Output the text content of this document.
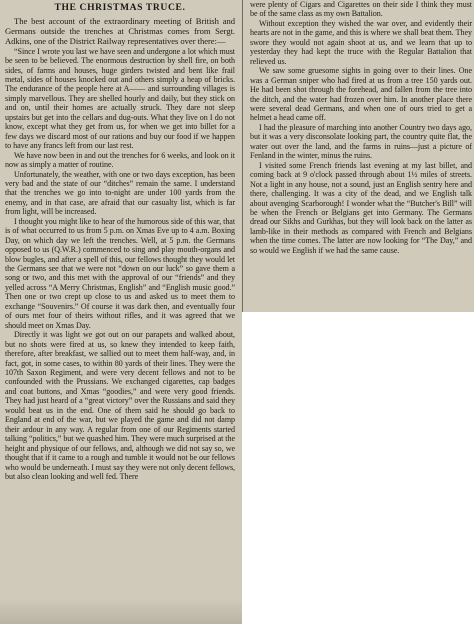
THE CHRISTMAS TRUCE.

The best account of the extraordinary meeting of British and Germans outside the trenches at Christmas comes from Sergt. Adkins, one of the District Railway representatives over there:—

“Since I wrote you last we have seen and undergone a lot which must be seen to be believed. The enormous destruction by shell fire, on both sides, of farms and houses, huge girders twisted and bent like frail metal, sides of houses knocked out and others simply a heap of bricks. The endurance of the people here at A—— and surrounding villages is simply marvellous. They are shelled hourly and daily, but they stick on and on, until their homes are actually struck. They dare not sleep upstairs but get into the cellars and dug-outs. What they live on I do not know, except what they get from us, for when we get into billet for a few days we discard most of our rations and buy our food if we happen to have any francs left from our last rest.

We have now been in and out the trenches for 6 weeks, and look on it now as simply a matter of routine.

Unfortunately, the weather, with one or two days exception, has been very bad and the state of our “ditches” remain the same. I understand that the trenches we go into to-night are under 100 yards from the enemy, and in that case, are afraid that our casualty list, which is far from light, will be increased.

I thought you might like to hear of the humorous side of this war, that is of what occurred to us from 5 p.m. on Xmas Eve up to 4 a.m. Boxing Day, on which day we left the trenches. Well, at 5 p.m. the Germans opposed to us (Q.W.R.) commenced to sing and play mouth-organs and blow bugles, and after a spell of this, our fellows thought they would let the Germans see that we were not “down on our luck” so gave them a song or two, and this met with the approval of our “friends” and they yelled across “A Merry Christmas, English” and “English music good.” Then one or two crept up close to us and asked us to meet them to exchange “Souvenirs.” Of course it was dark then, and eventually four of ours met four of theirs without rifles, and it was agreed that we should meet on Xmas Day.

Directly it was light we got out on our parapets and walked about, but no shots were fired at us, so knew they intended to keep faith, therefore, after breakfast, we sallied out to meet them half-way, and, in fact, got, in some cases, to within 80 yards of their lines. They were the 107th Saxon Regiment, and were very decent fellows and not to be confounded with the Prussians. We exchanged cigarettes, cap badges and coat buttons, and Xmas “goodies,” and were very good friends. They had just heard of a “great victory” over the Russians and said they would beat us in the end. One of them said he should go back to England at end of the war, but we played the game and did not damp their ardour in any way. A regular from one of our Regiments started talking “politics,” but we quashed him. They were much surprised at the height and physique of our fellows, and, although we did not say so, we thought that if it came to a rough and tumble it would not be our fellows who would be underneath. I must say they were not only decent fellows, but also clean looking and well fed. There

were plenty of Cigars and Cigarettes on their side I think they must be of the same class as my own Battalion.

Without exception they wished the war over, and evidently their hearts are not in the game, and this is where we shall beat them. They swore they would not again shoot at us, and we learn that up to yesterday they had kept the truce with the Regular Battalion that relieved us.

We saw some gruesome sights in going over to their lines. One was a German sniper who had fired at us from a tree 150 yards out. He had been shot through the forehead, and fallen from the tree into the ditch, and the water had frozen over him. In another place there were several dead Germans, and when one of ours tried to get a helmet a head came off.

I had the pleasure of marching into another Country two days ago, but it was a very disconsolate looking part, the country quite flat, the water out over the land, and the farms in ruins—just a picture of Fenland in the winter, minus the ruins.

I visited some French friends last evening at my last billet, and coming back at 9 o'clock passed through about 1½ miles of streets. Not a light in any house, not a sound, just an English sentry here and there, challenging. It was a city of the dead, and we English talk about avenging Scarborough! I wonder what the “Butcher's Bill” will be when the French or Belgians get into Germany. The Germans dread our Sikhs and Gurkhas, but they will look back on the latter as lamb-like in their methods as compared with French and Belgians when the time comes. The latter are now looking for “The Day,” and so would we English if we had the same cause.
